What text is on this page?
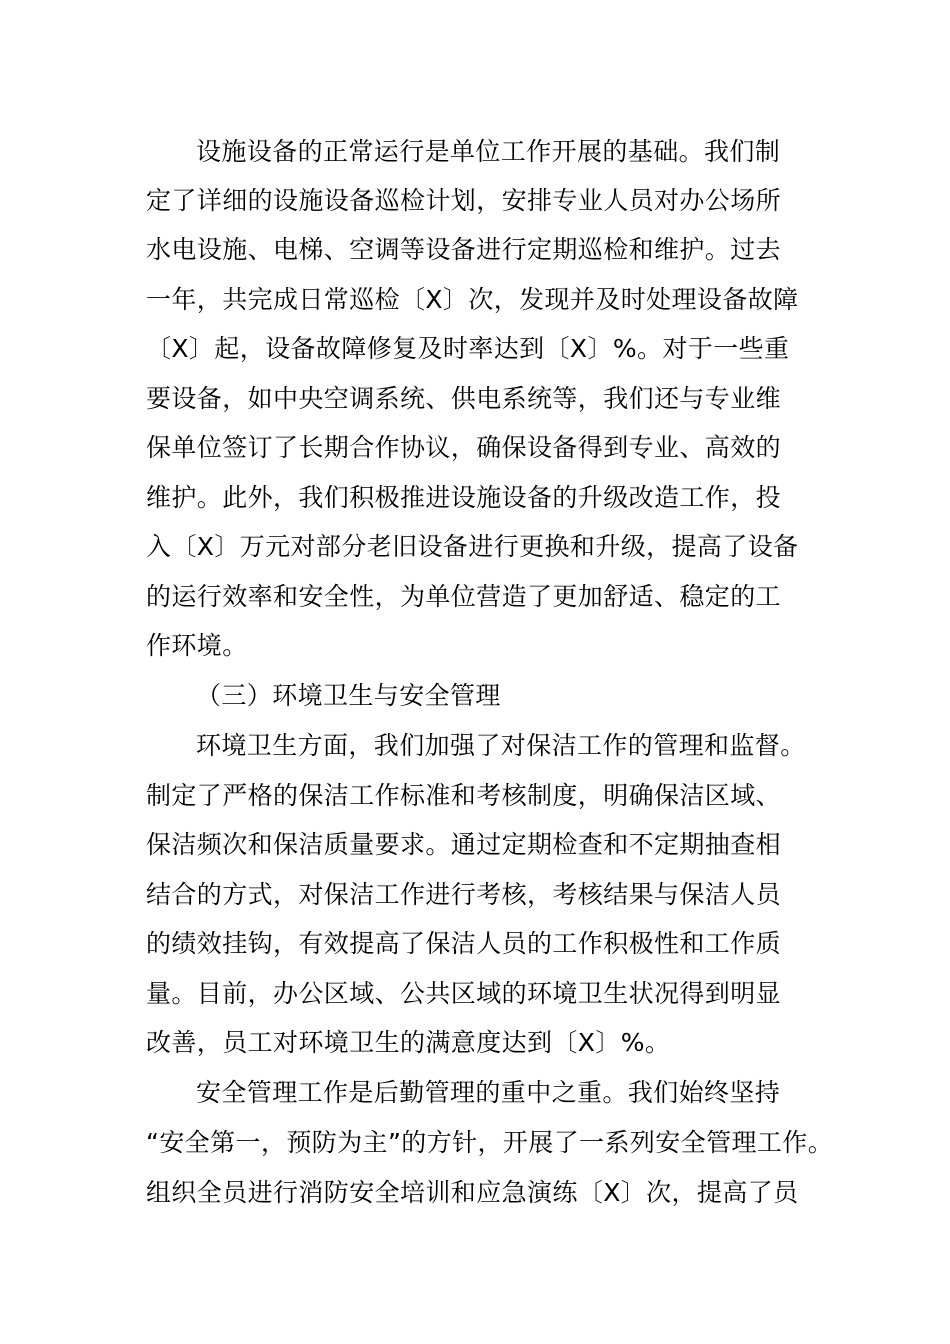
设施设备的正常运行是单位工作开展的基础。我们制
定了详细的设施设备巡检计划，安排专业人员对办公场所
水电设施、电梯、空调等设备进行定期巡检和维护。过去
一年，共完成日常巡检〔X〕次，发现并及时处理设备故障
〔X〕起，设备故障修复及时率达到〔X〕%。对于一些重
要设备，如中央空调系统、供电系统等，我们还与专业维
保单位签订了长期合作协议，确保设备得到专业、高效的
维护。此外，我们积极推进设施设备的升级改造工作，投
入〔X〕万元对部分老旧设备进行更换和升级，提高了设备
的运行效率和安全性，为单位营造了更加舒适、稳定的工
作环境。
（三）环境卫生与安全管理
环境卫生方面，我们加强了对保洁工作的管理和监督。
制定了严格的保洁工作标准和考核制度，明确保洁区域、
保洁频次和保洁质量要求。通过定期检查和不定期抽查相
结合的方式，对保洁工作进行考核，考核结果与保洁人员
的绩效挂钩，有效提高了保洁人员的工作积极性和工作质
量。目前，办公区域、公共区域的环境卫生状况得到明显
改善，员工对环境卫生的满意度达到〔X〕%。
安全管理工作是后勤管理的重中之重。我们始终坚持
“安全第一，预防为主”的方针，开展了一系列安全管理工作。
组织全员进行消防安全培训和应急演练〔X〕次，提高了员
